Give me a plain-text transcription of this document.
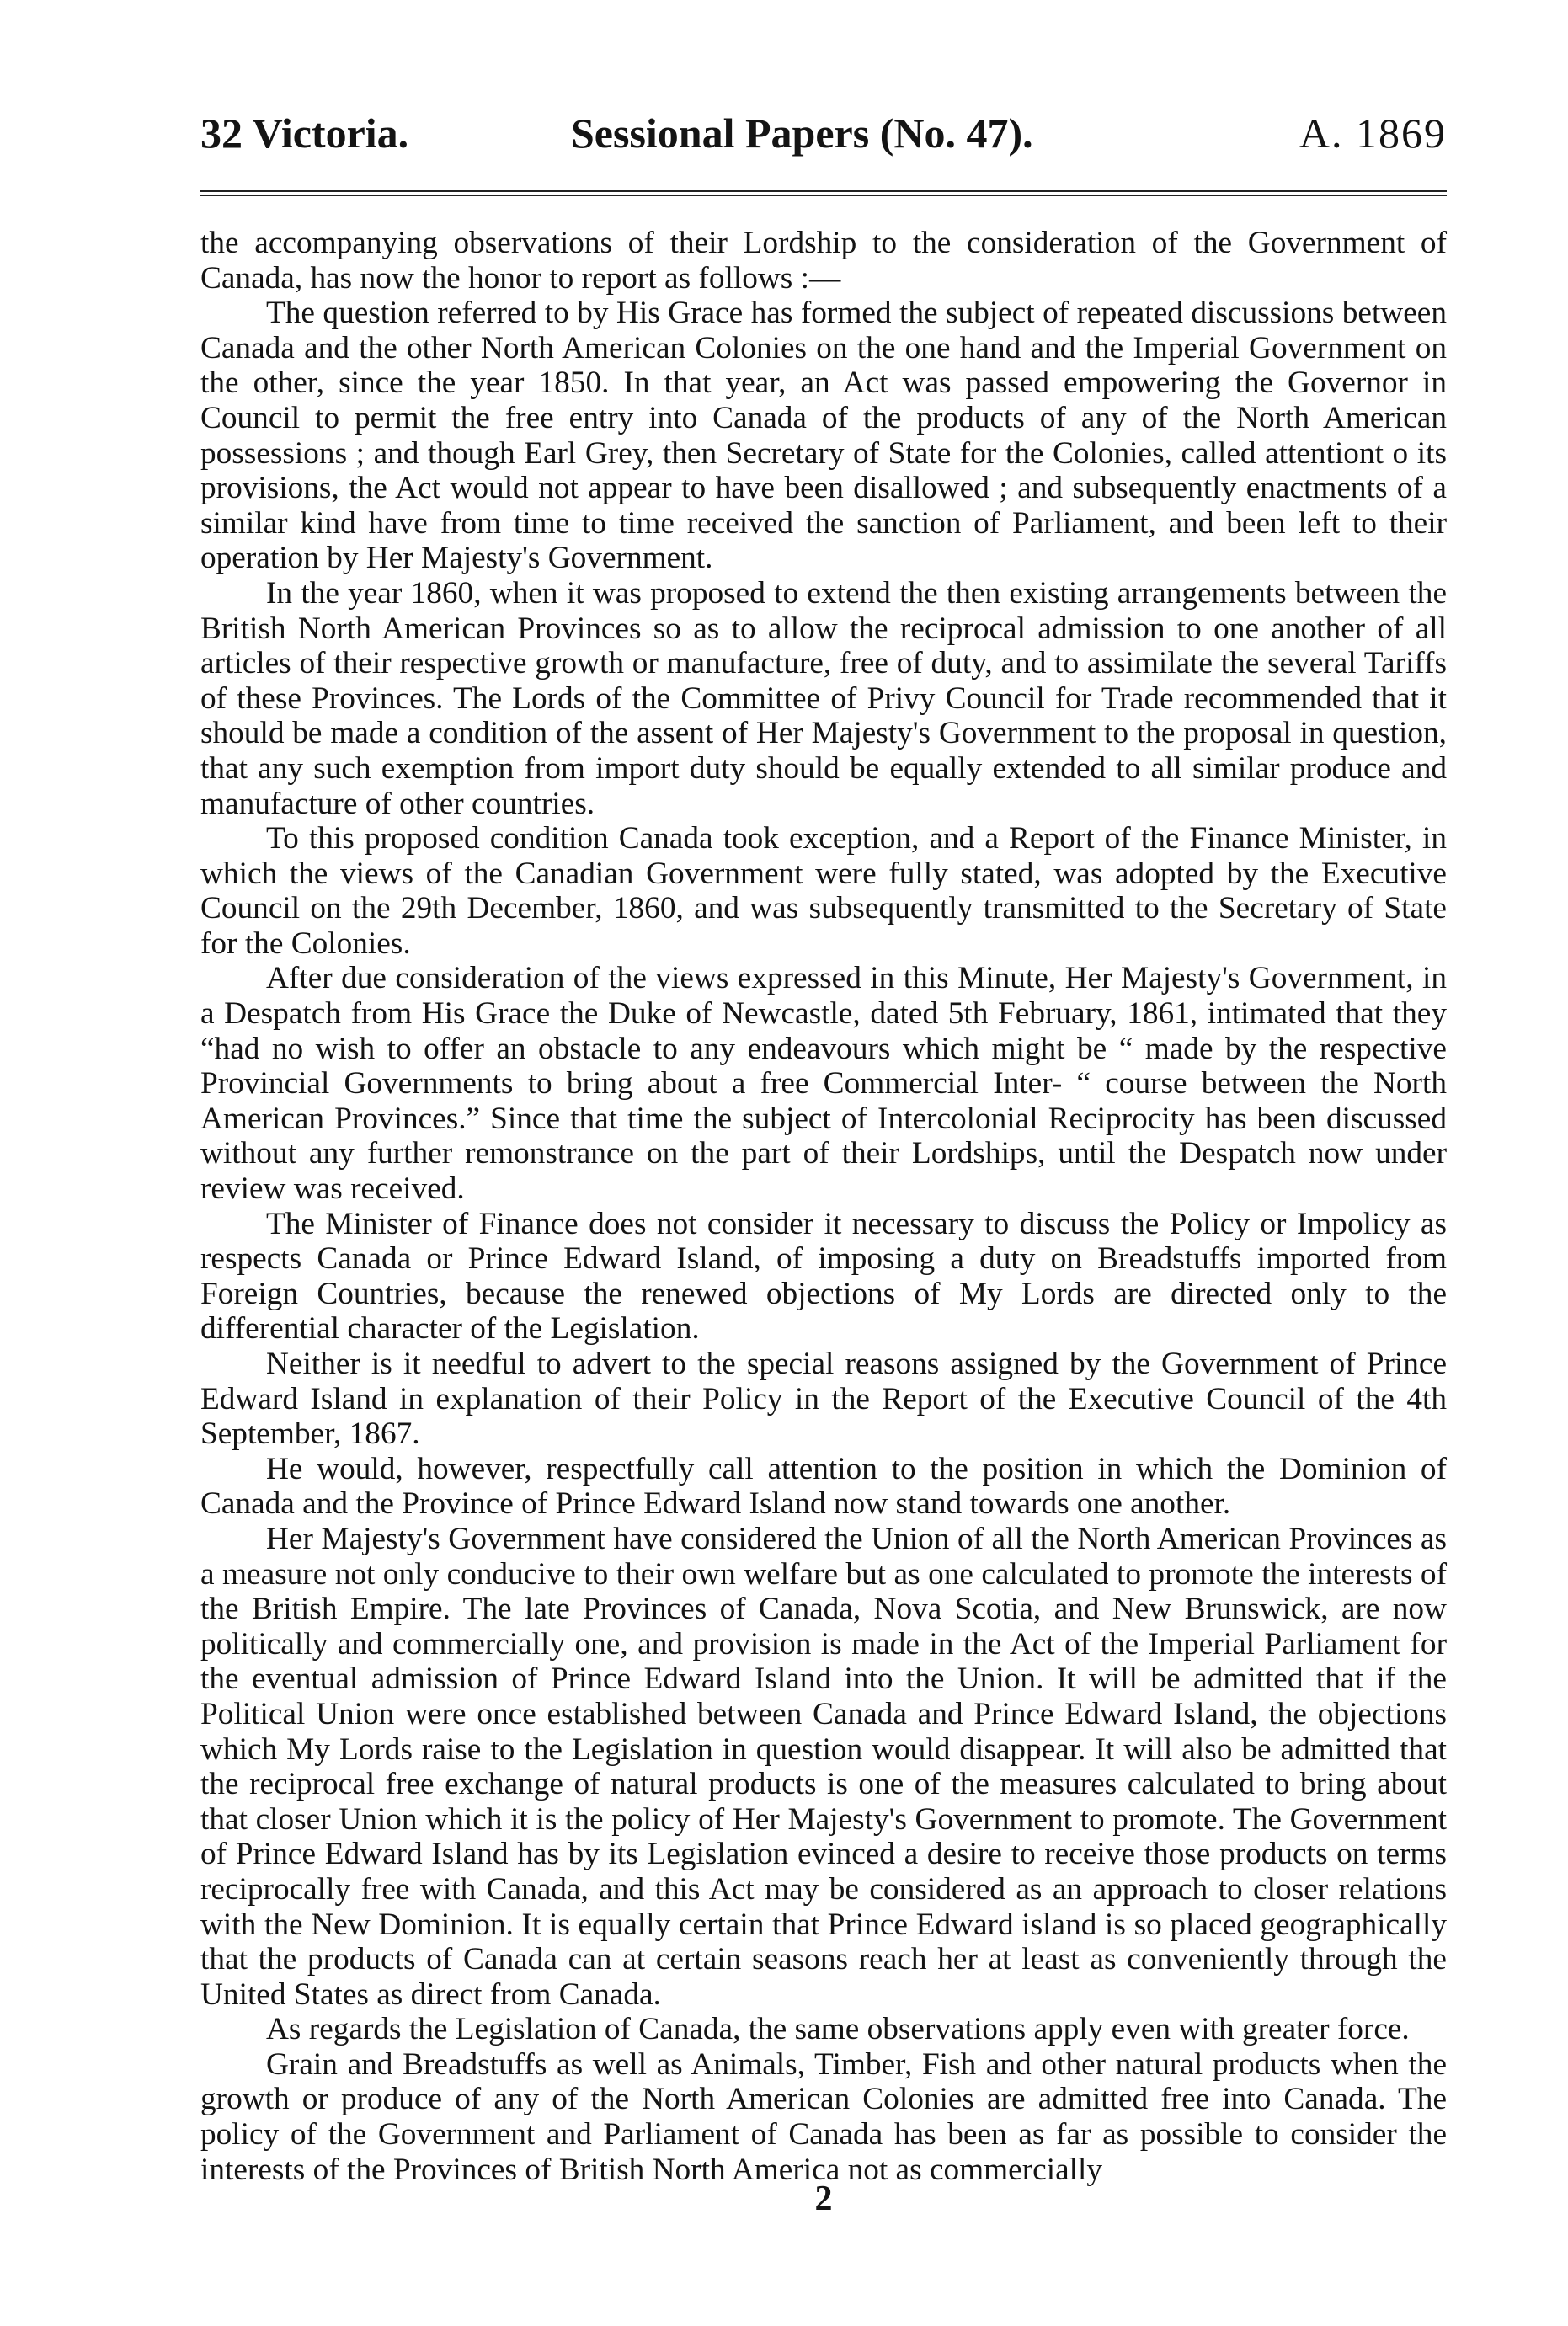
32 Victoria.	Sessional Papers (No. 47).	A. 1869

the accompanying observations of their Lordship to the consideration of the Government of Canada, has now the honor to report as follows :—

The question referred to by His Grace has formed the subject of repeated discussions between Canada and the other North American Colonies on the one hand and the Imperial Government on the other, since the year 1850. In that year, an Act was passed empowering the Governor in Council to permit the free entry into Canada of the products of any of the North American possessions ; and though Earl Grey, then Secretary of State for the Colonies, called attentiont o its provisions, the Act would not appear to have been disallowed ; and subsequently enactments of a similar kind have from time to time received the sanction of Parliament, and been left to their operation by Her Majesty's Government.

In the year 1860, when it was proposed to extend the then existing arrangements between the British North American Provinces so as to allow the reciprocal admission to one another of all articles of their respective growth or manufacture, free of duty, and to assimilate the several Tariffs of these Provinces. The Lords of the Committee of Privy Council for Trade recommended that it should be made a condition of the assent of Her Majesty's Government to the proposal in question, that any such exemption from import duty should be equally extended to all similar produce and manufacture of other countries.

To this proposed condition Canada took exception, and a Report of the Finance Minister, in which the views of the Canadian Government were fully stated, was adopted by the Executive Council on the 29th December, 1860, and was subsequently transmitted to the Secretary of State for the Colonies.

After due consideration of the views expressed in this Minute, Her Majesty's Government, in a Despatch from His Grace the Duke of Newcastle, dated 5th February, 1861, intimated that they “had no wish to offer an obstacle to any endeavours which might be “ made by the respective Provincial Governments to bring about a free Commercial Inter- “ course between the North American Provinces.” Since that time the subject of Intercolonial Reciprocity has been discussed without any further remonstrance on the part of their Lordships, until the Despatch now under review was received.

The Minister of Finance does not consider it necessary to discuss the Policy or Impolicy as respects Canada or Prince Edward Island, of imposing a duty on Breadstuffs imported from Foreign Countries, because the renewed objections of My Lords are directed only to the differential character of the Legislation.

Neither is it needful to advert to the special reasons assigned by the Government of Prince Edward Island in explanation of their Policy in the Report of the Executive Council of the 4th September, 1867.

He would, however, respectfully call attention to the position in which the Dominion of Canada and the Province of Prince Edward Island now stand towards one another.

Her Majesty's Government have considered the Union of all the North American Provinces as a measure not only conducive to their own welfare but as one calculated to promote the interests of the British Empire. The late Provinces of Canada, Nova Scotia, and New Brunswick, are now politically and commercially one, and provision is made in the Act of the Imperial Parliament for the eventual admission of Prince Edward Island into the Union. It will be admitted that if the Political Union were once established between Canada and Prince Edward Island, the objections which My Lords raise to the Legislation in question would disappear. It will also be admitted that the reciprocal free exchange of natural products is one of the measures calculated to bring about that closer Union which it is the policy of Her Majesty's Government to promote. The Government of Prince Edward Island has by its Legislation evinced a desire to receive those products on terms reciprocally free with Canada, and this Act may be considered as an approach to closer relations with the New Dominion. It is equally certain that Prince Edward island is so placed geographically that the products of Canada can at certain seasons reach her at least as conveniently through the United States as direct from Canada.

As regards the Legislation of Canada, the same observations apply even with greater force.

Grain and Breadstuffs as well as Animals, Timber, Fish and other natural products when the growth or produce of any of the North American Colonies are admitted free into Canada. The policy of the Government and Parliament of Canada has been as far as possible to consider the interests of the Provinces of British North America not as commercially

2
